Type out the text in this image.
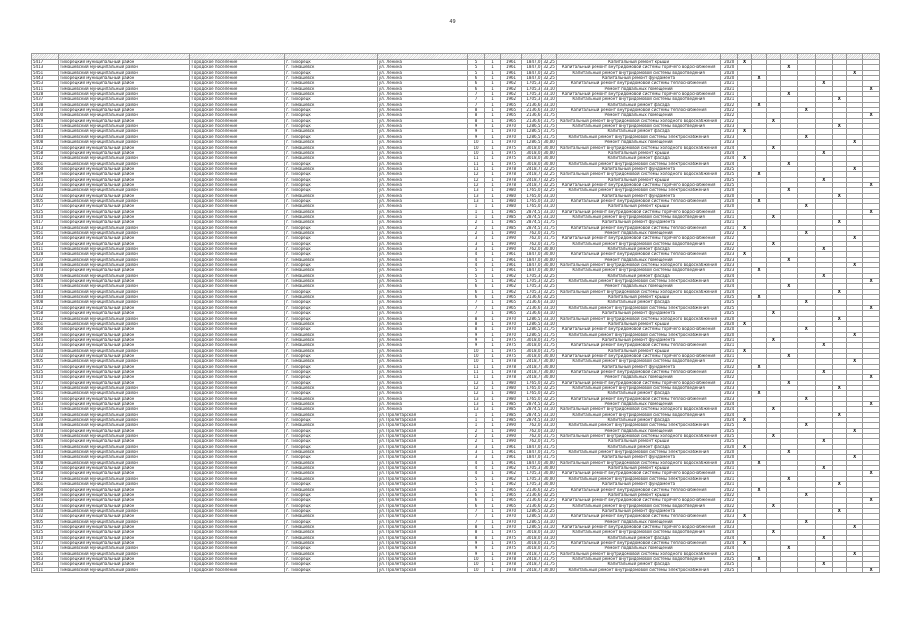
49

5417	Тихорецкий муниципальный район	Городское поселение	г. Тихорецк	ул. Ленина	5	1	1961	1847,0	32,25	Капитальный ремонт крыши	2020	X								
5413	Тимашевский муниципальный район	Городское поселение	г. Тимашевск	ул. Ленина	5	1	1961	1847,0	32,25	Капитальный ремонт внутридомовой системы горячего водоснабжения	2020				X					
5451	Тимашевский муниципальный район	Городское поселение	г. Тихорецк	ул. Ленина	5	1	1961	1847,0	32,25	Капитальный ремонт внутридомовой системы водоотведения	2020								X	
5443	Тихорецкий муниципальный район	Городское поселение	г. Тимашевск	ул. Ленина	6	1	1961	1847,0	32,25	Капитальный ремонт фундамента	2020		X							
5453	Тихорецкий муниципальный район	Городское поселение	г. Тимашевск	ул. Ленина	6	1	1962	1705,3	32,25	Капитальный ремонт внутридомовой системы теплоснабжения	2021						X			
5411	Тимашевский муниципальный район	Городское поселение	г. Тимашевск	ул. Ленина	6	1	1962	1705,3	33,10	Ремонт подвальных помещений	2021									X
5428	Тимашевский муниципальный район	Городское поселение	г. Тимашевск	ул. Ленина	7	1	1962	1705,3	33,10	Капитальный ремонт внутридомовой системы горячего водоснабжения	2021				X					
5437	Тимашевский муниципальный район	Городское поселение	г. Тихорецк	ул. Ленина	7	1	1962	1705,3	33,10	Капитальный ремонт внутридомовой системы водоотведения	2021							X		
5438	Тимашевский муниципальный район	Городское поселение	г. Тимашевск	ул. Ленина	7	1	1965	2136,6	33,10	Капитальный ремонт фасада	2022		X							
5473	Тихорецкий муниципальный район	Городское поселение	г. Тихорецк	ул. Ленина	8	1	1965	2136,6	33,10	Капитальный ремонт внутридомовой системы теплоснабжения	2022					X				
5400	Тимашевский муниципальный район	Городское поселение	г. Тихорецк	ул. Ленина	8	1	1965	2136,6	31,75	Ремонт подвальных помещений	2022									X
5429	Тихорецкий муниципальный район	Городское поселение	г. Тихорецк	ул. Ленина	8	1	1965	2136,6	31,75	Капитальный ремонт внутридомовой системы холодного водоснабжения	2022			X						
5441	Тимашевский муниципальный район	Городское поселение	г. Тихорецк	ул. Ленина	9	1	1970	1286,5	31,75	Капитальный ремонт внутридомовой системы водоотведения	2023							X		
5413	Тимашевский муниципальный район	Городское поселение	г. Тимашевск	ул. Ленина	9	1	1970	1286,5	31,75	Капитальный ремонт фасада	2023	X								
5440	Тимашевский муниципальный район	Городское поселение	г. Тихорецк	ул. Ленина	9	1	1970	1286,5	31,75	Капитальный ремонт внутридомовой системы электроснабжения	2023					X				
5408	Тимашевский муниципальный район	Городское поселение	г. Тимашевск	ул. Ленина	10	1	1970	1286,5	30,00	Ремонт подвальных помещений	2023								X	
5412	Тихорецкий муниципальный район	Городское поселение	г. Тимашевск	ул. Ленина	10	1	1975	3018,0	30,00	Капитальный ремонт внутридомовой системы холодного водоснабжения	2024			X						
5458	Тихорецкий муниципальный район	Городское поселение	г. Тимашевск	ул. Ленина	10	1	1975	3018,0	30,00	Капитальный ремонт крыши	2024						X			
5412	Тимашевский муниципальный район	Городское поселение	г. Тимашевск	ул. Ленина	11	1	1975	3018,0	30,00	Капитальный ремонт фасада	2024	X								
5461	Тимашевский муниципальный район	Городское поселение	г. Тихорецк	ул. Ленина	11	1	1975	3018,0	30,00	Капитальный ремонт внутридомовой системы электроснабжения	2024				X					
5460	Тихорецкий муниципальный район	Городское поселение	г. Тимашевск	ул. Ленина	11	1	1978	2418,7	32,25	Капитальный ремонт фундамента	2025								X	
5459	Тихорецкий муниципальный район	Городское поселение	г. Тихорецк	ул. Ленина	12	1	1978	2418,7	32,25	Капитальный ремонт внутридомовой системы холодного водоснабжения	2025		X							
5441	Тихорецкий муниципальный район	Городское поселение	г. Тихорецк	ул. Ленина	12	1	1978	2418,7	32,25	Капитальный ремонт крыши	2025						X			
5423	Тихорецкий муниципальный район	Городское поселение	г. Тихорецк	ул. Ленина	12	1	1978	2418,7	32,25	Капитальный ремонт внутридомовой системы горячего водоснабжения	2025									X
5430	Тимашевский муниципальный район	Городское поселение	г. Тихорецк	ул. Ленина	13	1	1980	1765,0	32,25	Капитальный ремонт внутридомовой системы электроснабжения	2020				X					
5432	Тихорецкий муниципальный район	Городское поселение	г. Тимашевск	ул. Ленина	13	1	1980	1765,0	33,10	Капитальный ремонт фундамента	2020							X		
5405	Тимашевский муниципальный район	Городское поселение	г. Тихорецк	ул. Ленина	13	1	1980	1765,0	33,10	Капитальный ремонт внутридомовой системы теплоснабжения	2020		X							
5417	Тихорецкий муниципальный район	Городское поселение	г. Тимашевск	ул. Ленина	1	1	1980	1765,0	33,10	Капитальный ремонт крыши	2020					X				
5425	Тихорецкий муниципальный район	Городское поселение	г. Тимашевск	ул. Ленина	1	1	1985	2874,5	33,10	Капитальный ремонт внутридомовой системы горячего водоснабжения	2021									X
5410	Тихорецкий муниципальный район	Городское поселение	г. Тимашевск	ул. Ленина	1	1	1985	2874,5	33,10	Капитальный ремонт внутридомовой системы водоотведения	2021			X						
5417	Тихорецкий муниципальный район	Городское поселение	г. Тимашевск	ул. Ленина	2	1	1985	2874,5	31,75	Капитальный ремонт фундамента	2021							X		
5413	Тимашевский муниципальный район	Городское поселение	г. Тихорецк	ул. Ленина	2	1	1985	2874,5	31,75	Капитальный ремонт внутридомовой системы теплоснабжения	2021	X								
5451	Тимашевский муниципальный район	Городское поселение	г. Тимашевск	ул. Ленина	2	1	1990	762,0	31,75	Ремонт подвальных помещений	2022					X				
5443	Тихорецкий муниципальный район	Городское поселение	г. Тихорецк	ул. Ленина	3	1	1990	762,0	31,75	Капитальный ремонт внутридомовой системы горячего водоснабжения	2022								X	
5453	Тихорецкий муниципальный район	Городское поселение	г. Тихорецк	ул. Ленина	3	1	1990	762,0	31,75	Капитальный ремонт внутридомовой системы водоотведения	2022			X						
5411	Тимашевский муниципальный район	Городское поселение	г. Тихорецк	ул. Ленина	3	1	1990	762,0	30,00	Капитальный ремонт фасада	2022						X			
5428	Тимашевский муниципальный район	Городское поселение	г. Тихорецк	ул. Ленина	4	1	1961	1847,0	30,00	Капитальный ремонт внутридомовой системы теплоснабжения	2023	X								
5437	Тимашевский муниципальный район	Городское поселение	г. Тимашевск	ул. Ленина	4	1	1961	1847,0	30,00	Ремонт подвальных помещений	2023				X					
5438	Тимашевский муниципальный район	Городское поселение	г. Тихорецк	ул. Ленина	4	1	1961	1847,0	30,00	Капитальный ремонт внутридомовой системы холодного водоснабжения	2023								X	
5473	Тихорецкий муниципальный район	Городское поселение	г. Тимашевск	ул. Ленина	5	1	1961	1847,0	30,00	Капитальный ремонт внутридомовой системы водоотведения	2023		X							
5400	Тимашевский муниципальный район	Городское поселение	г. Тимашевск	ул. Ленина	5	1	1962	1705,3	32,25	Капитальный ремонт фасада	2024						X			
5429	Тихорецкий муниципальный район	Городское поселение	г. Тимашевск	ул. Ленина	5	1	1962	1705,3	32,25	Капитальный ремонт внутридомовой системы электроснабжения	2024									X
5441	Тимашевский муниципальный район	Городское поселение	г. Тимашевск	ул. Ленина	6	1	1962	1705,3	32,25	Ремонт подвальных помещений	2024				X					
5413	Тимашевский муниципальный район	Городское поселение	г. Тихорецк	ул. Ленина	6	1	1962	1705,3	32,25	Капитальный ремонт внутридомовой системы холодного водоснабжения	2024							X		
5440	Тимашевский муниципальный район	Городское поселение	г. Тимашевск	ул. Ленина	6	1	1965	2136,6	32,25	Капитальный ремонт крыши	2025		X							
5408	Тимашевский муниципальный район	Городское поселение	г. Тихорецк	ул. Ленина	7	1	1965	2136,6	33,10	Капитальный ремонт фасада	2025					X				
5412	Тихорецкий муниципальный район	Городское поселение	г. Тихорецк	ул. Ленина	7	1	1965	2136,6	33,10	Капитальный ремонт внутридомовой системы электроснабжения	2025									X
5458	Тихорецкий муниципальный район	Городское поселение	г. Тихорецк	ул. Ленина	7	1	1965	2136,6	33,10	Капитальный ремонт фундамента	2025			X						
5412	Тимашевский муниципальный район	Городское поселение	г. Тихорецк	ул. Ленина	8	1	1970	1286,5	33,10	Капитальный ремонт внутридомовой системы холодного водоснабжения	2020							X		
5461	Тимашевский муниципальный район	Городское поселение	г. Тимашевск	ул. Ленина	8	1	1970	1286,5	33,10	Капитальный ремонт крыши	2020	X								
5460	Тихорецкий муниципальный район	Городское поселение	г. Тихорецк	ул. Ленина	8	1	1970	1286,5	31,75	Капитальный ремонт внутридомовой системы горячего водоснабжения	2020					X				
5459	Тихорецкий муниципальный район	Городское поселение	г. Тимашевск	ул. Ленина	9	1	1970	1286,5	31,75	Капитальный ремонт внутридомовой системы электроснабжения	2020								X	
5441	Тихорецкий муниципальный район	Городское поселение	г. Тимашевск	ул. Ленина	9	1	1975	3018,0	31,75	Капитальный ремонт фундамента	2021			X						
5423	Тихорецкий муниципальный район	Городское поселение	г. Тимашевск	ул. Ленина	9	1	1975	3018,0	31,75	Капитальный ремонт внутридомовой системы теплоснабжения	2021						X			
5430	Тимашевский муниципальный район	Городское поселение	г. Тимашевск	ул. Ленина	10	1	1975	3018,0	31,75	Капитальный ремонт крыши	2021	X								
5432	Тихорецкий муниципальный район	Городское поселение	г. Тихорецк	ул. Ленина	10	1	1975	3018,0	30,00	Капитальный ремонт внутридомовой системы горячего водоснабжения	2021				X					
5405	Тимашевский муниципальный район	Городское поселение	г. Тимашевск	ул. Ленина	10	1	1978	2418,7	30,00	Капитальный ремонт внутридомовой системы водоотведения	2022								X	
5417	Тихорецкий муниципальный район	Городское поселение	г. Тихорецк	ул. Ленина	11	1	1978	2418,7	30,00	Капитальный ремонт фундамента	2022		X							
5425	Тихорецкий муниципальный район	Городское поселение	г. Тихорецк	ул. Ленина	11	1	1978	2418,7	30,00	Капитальный ремонт внутридомовой системы теплоснабжения	2022						X			
5410	Тихорецкий муниципальный район	Городское поселение	г. Тихорецк	ул. Ленина	11	1	1978	2418,7	30,00	Ремонт подвальных помещений	2022									X
5417	Тихорецкий муниципальный район	Городское поселение	г. Тихорецк	ул. Ленина	12	1	1980	1765,0	32,25	Капитальный ремонт внутридомовой системы горячего водоснабжения	2023				X					
5413	Тимашевский муниципальный район	Городское поселение	г. Тимашевск	ул. Ленина	12	1	1980	1765,0	32,25	Капитальный ремонт внутридомовой системы водоотведения	2023							X		
5451	Тимашевский муниципальный район	Городское поселение	г. Тихорецк	ул. Ленина	12	1	1980	1765,0	32,25	Капитальный ремонт фасада	2023		X							
5443	Тихорецкий муниципальный район	Городское поселение	г. Тимашевск	ул. Ленина	13	1	1980	1765,0	32,25	Капитальный ремонт внутридомовой системы теплоснабжения	2023					X				
5453	Тихорецкий муниципальный район	Городское поселение	г. Тимашевск	ул. Ленина	13	1	1985	2874,5	32,25	Ремонт подвальных помещений	2024									X
5411	Тимашевский муниципальный район	Городское поселение	г. Тимашевск	ул. Ленина	13	1	1985	2874,5	33,10	Капитальный ремонт внутридомовой системы холодного водоснабжения	2024			X						
5428	Тимашевский муниципальный район	Городское поселение	г. Тимашевск	ул. Пролетарская	1	1	1985	2874,5	33,10	Капитальный ремонт внутридомовой системы водоотведения	2024							X		
5437	Тимашевский муниципальный район	Городское поселение	г. Тихорецк	ул. Пролетарская	1	1	1985	2874,5	33,10	Капитальный ремонт фасада	2024	X								
5438	Тимашевский муниципальный район	Городское поселение	г. Тимашевск	ул. Пролетарская	1	1	1990	762,0	33,10	Капитальный ремонт внутридомовой системы электроснабжения	2025					X				
5473	Тихорецкий муниципальный район	Городское поселение	г. Тихорецк	ул. Пролетарская	2	1	1990	762,0	33,10	Ремонт подвальных помещений	2025								X	
5400	Тимашевский муниципальный район	Городское поселение	г. Тихорецк	ул. Пролетарская	2	1	1990	762,0	31,75	Капитальный ремонт внутридомовой системы холодного водоснабжения	2025			X						
5429	Тихорецкий муниципальный район	Городское поселение	г. Тихорецк	ул. Пролетарская	2	1	1990	762,0	31,75	Капитальный ремонт крыши	2025						X			
5441	Тимашевский муниципальный район	Городское поселение	г. Тихорецк	ул. Пролетарская	3	1	1961	1847,0	31,75	Капитальный ремонт фасада	2020	X								
5413	Тимашевский муниципальный район	Городское поселение	г. Тимашевск	ул. Пролетарская	3	1	1961	1847,0	31,75	Капитальный ремонт внутридомовой системы электроснабжения	2020				X					
5440	Тимашевский муниципальный район	Городское поселение	г. Тихорецк	ул. Пролетарская	3	1	1961	1847,0	31,75	Капитальный ремонт фундамента	2020								X	
5408	Тимашевский муниципальный район	Городское поселение	г. Тимашевск	ул. Пролетарская	4	1	1961	1847,0	30,00	Капитальный ремонт внутридомовой системы холодного водоснабжения	2020		X							
5412	Тихорецкий муниципальный район	Городское поселение	г. Тимашевск	ул. Пролетарская	4	1	1962	1705,3	30,00	Капитальный ремонт крыши	2021						X			
5458	Тихорецкий муниципальный район	Городское поселение	г. Тимашевск	ул. Пролетарская	4	1	1962	1705,3	30,00	Капитальный ремонт внутридомовой системы горячего водоснабжения	2021									X
5412	Тимашевский муниципальный район	Городское поселение	г. Тимашевск	ул. Пролетарская	5	1	1962	1705,3	30,00	Капитальный ремонт внутридомовой системы электроснабжения	2021				X					
5461	Тимашевский муниципальный район	Городское поселение	г. Тихорецк	ул. Пролетарская	5	1	1962	1705,3	30,00	Капитальный ремонт фундамента	2021							X		
5460	Тихорецкий муниципальный район	Городское поселение	г. Тимашевск	ул. Пролетарская	5	1	1965	2136,6	32,25	Капитальный ремонт внутридомовой системы теплоснабжения	2022		X							
5459	Тихорецкий муниципальный район	Городское поселение	г. Тихорецк	ул. Пролетарская	6	1	1965	2136,6	32,25	Капитальный ремонт крыши	2022					X				
5441	Тихорецкий муниципальный район	Городское поселение	г. Тихорецк	ул. Пролетарская	6	1	1965	2136,6	32,25	Капитальный ремонт внутридомовой системы горячего водоснабжения	2022									X
5423	Тихорецкий муниципальный район	Городское поселение	г. Тихорецк	ул. Пролетарская	6	1	1965	2136,6	32,25	Капитальный ремонт внутридомовой системы водоотведения	2022			X						
5430	Тимашевский муниципальный район	Городское поселение	г. Тихорецк	ул. Пролетарская	7	1	1970	1286,5	32,25	Капитальный ремонт фундамента	2023							X		
5432	Тихорецкий муниципальный район	Городское поселение	г. Тимашевск	ул. Пролетарская	7	1	1970	1286,5	33,10	Капитальный ремонт внутридомовой системы теплоснабжения	2023	X								
5405	Тимашевский муниципальный район	Городское поселение	г. Тихорецк	ул. Пролетарская	7	1	1970	1286,5	33,10	Ремонт подвальных помещений	2023					X				
5417	Тихорецкий муниципальный район	Городское поселение	г. Тимашевск	ул. Пролетарская	8	1	1970	1286,5	33,10	Капитальный ремонт внутридомовой системы горячего водоснабжения	2023								X	
5425	Тихорецкий муниципальный район	Городское поселение	г. Тимашевск	ул. Пролетарская	8	1	1975	3018,0	33,10	Капитальный ремонт внутридомовой системы водоотведения	2024			X						
5410	Тихорецкий муниципальный район	Городское поселение	г. Тимашевск	ул. Пролетарская	8	1	1975	3018,0	33,10	Капитальный ремонт фасада	2024						X			
5417	Тихорецкий муниципальный район	Городское поселение	г. Тимашевск	ул. Пролетарская	9	1	1975	3018,0	31,75	Капитальный ремонт внутридомовой системы теплоснабжения	2024	X								
5413	Тимашевский муниципальный район	Городское поселение	г. Тихорецк	ул. Пролетарская	9	1	1975	3018,0	31,75	Ремонт подвальных помещений	2024				X					
5451	Тимашевский муниципальный район	Городское поселение	г. Тимашевск	ул. Пролетарская	9	1	1978	2418,7	31,75	Капитальный ремонт внутридомовой системы холодного водоснабжения	2025								X	
5443	Тихорецкий муниципальный район	Городское поселение	г. Тихорецк	ул. Пролетарская	10	1	1978	2418,7	31,75	Капитальный ремонт внутридомовой системы водоотведения	2025		X							
5453	Тихорецкий муниципальный район	Городское поселение	г. Тихорецк	ул. Пролетарская	10	1	1978	2418,7	31,75	Капитальный ремонт фасада	2025						X			
5411	Тимашевский муниципальный район	Городское поселение	г. Тихорецк	ул. Пролетарская	10	1	1978	2418,7	30,00	Капитальный ремонт внутридомовой системы электроснабжения	2025									X
